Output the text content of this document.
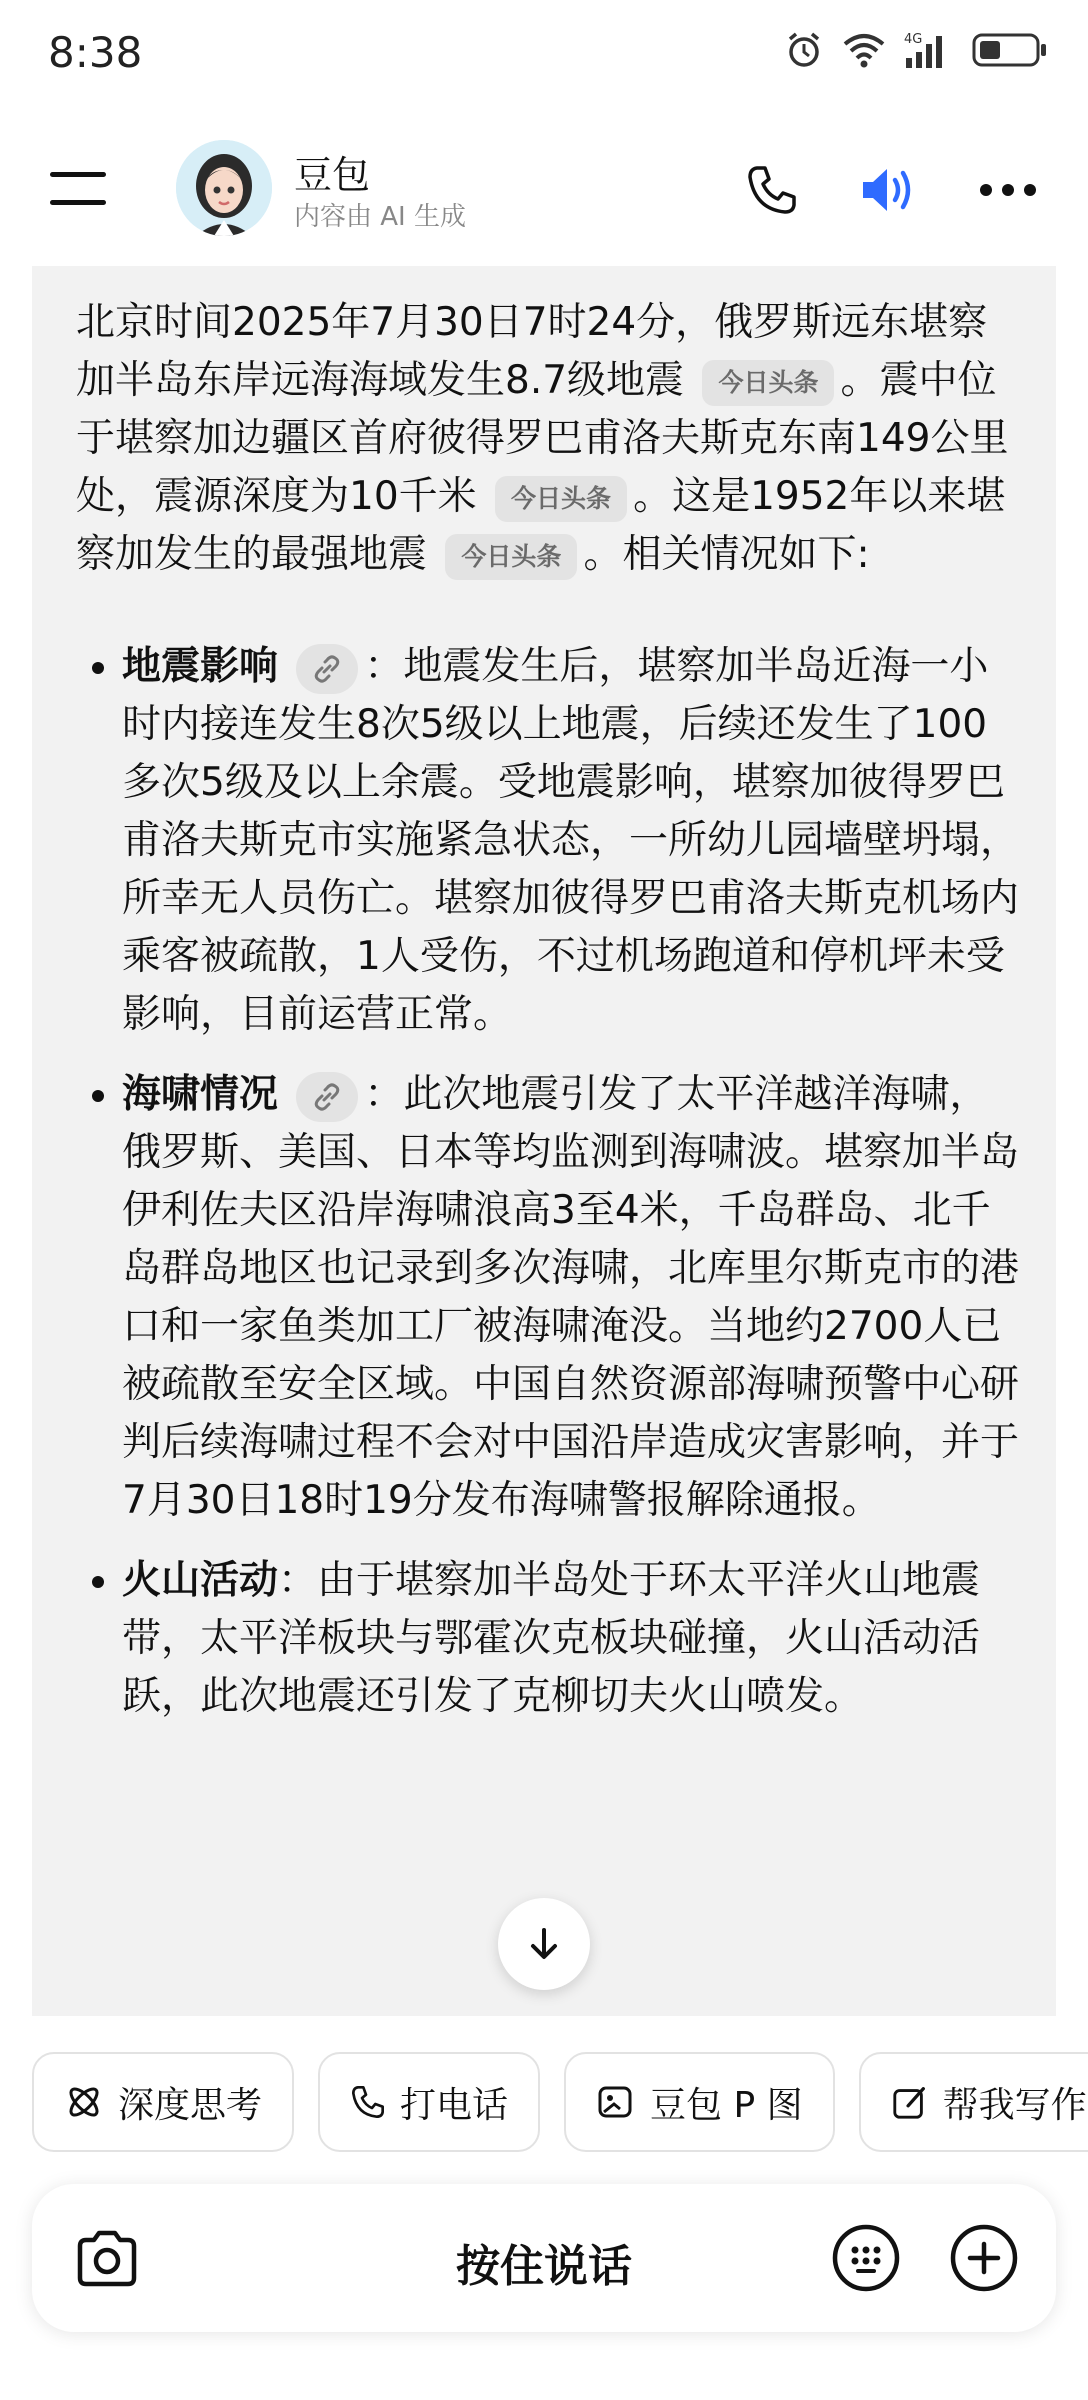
8:38	4G
豆包
内容由 AI 生成

北京时间2025年7月30日7时24分，俄罗斯远东堪察加半岛东岸远海海域发生8.7级地震 今日头条 。震中位于堪察加边疆区首府彼得罗巴甫洛夫斯克东南149公里处，震源深度为10千米 今日头条 。这是1952年以来堪察加发生的最强地震 今日头条 。相关情况如下:

• 地震影响 ：地震发生后，堪察加半岛近海一小时内接连发生8次5级以上地震，后续还发生了100多次5级及以上余震。受地震影响，堪察加彼得罗巴甫洛夫斯克市实施紧急状态，一所幼儿园墙壁坍塌，所幸无人员伤亡。堪察加彼得罗巴甫洛夫斯克机场内乘客被疏散，1人受伤，不过机场跑道和停机坪未受影响，目前运营正常。
• 海啸情况 ：此次地震引发了太平洋越洋海啸，俄罗斯、美国、日本等均监测到海啸波。堪察加半岛伊利佐夫区沿岸海啸浪高3至4米，千岛群岛、北千岛群岛地区也记录到多次海啸，北库里尔斯克市的港口和一家鱼类加工厂被海啸淹没。当地约2700人已被疏散至安全区域。中国自然资源部海啸预警中心研判后续海啸过程不会对中国沿岸造成灾害影响，并于7月30日18时19分发布海啸警报解除通报。
• 火山活动：由于堪察加半岛处于环太平洋火山地震带，太平洋板块与鄂霍次克板块碰撞，火山活动活跃，此次地震还引发了克柳切夫火山喷发。
深度思考	打电话	豆包 P 图	帮我写作
按住说话
